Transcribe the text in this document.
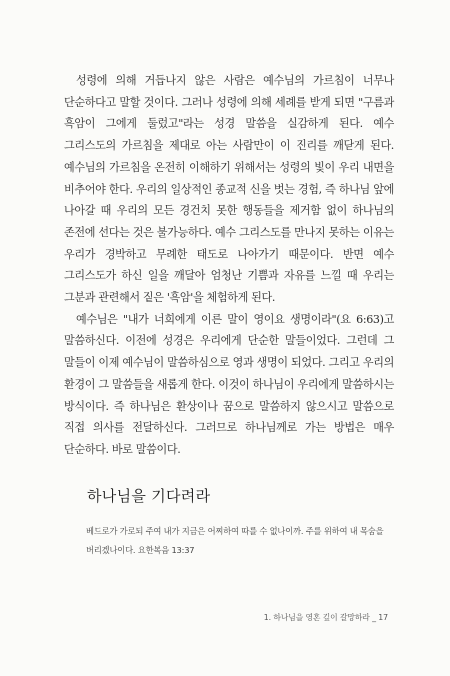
성령에 의해 거듭나지 않은 사람은 예수님의 가르침이 너무나 단순하다고 말할 것이다. 그러나 성령에 의해 세례를 받게 되면 "구름과 흑암이 그에게 둘렀고"라는 성경 말씀을 실감하게 된다. 예수 그리스도의 가르침을 제대로 아는 사람만이 이 진리를 깨닫게 된다. 예수님의 가르침을 온전히 이해하기 위해서는 성령의 빛이 우리 내면을 비추어야 한다. 우리의 일상적인 종교적 신을 벗는 경험, 즉 하나님 앞에 나아갈 때 우리의 모든 경건치 못한 행동들을 제거함 없이 하나님의 존전에 선다는 것은 불가능하다. 예수 그리스도를 만나지 못하는 이유는 우리가 경박하고 무례한 태도로 나아가기 때문이다. 반면 예수 그리스도가 하신 일을 깨달아 엄청난 기쁨과 자유를 느낄 때 우리는 그분과 관련해서 짙은 '흑암'을 체험하게 된다.

예수님은 "내가 너희에게 이른 말이 영이요 생명이라"(요 6:63)고 말씀하신다. 이전에 성경은 우리에게 단순한 말들이었다. 그런데 그 말들이 이제 예수님이 말씀하심으로 영과 생명이 되었다. 그리고 우리의 환경이 그 말씀들을 새롭게 한다. 이것이 하나님이 우리에게 말씀하시는 방식이다. 즉 하나님은 환상이나 꿈으로 말씀하지 않으시고 말씀으로 직접 의사를 전달하신다. 그러므로 하나님께로 가는 방법은 매우 단순하다. 바로 말씀이다.

하나님을 기다려라

베드로가 가로되 주여 내가 지금은 어찌하여 따를 수 없나이까. 주를 위하여 내 목숨을 버리겠나이다. 요한복음 13:37

1. 하나님을 영혼 깊이 갈망하라 _ 17
